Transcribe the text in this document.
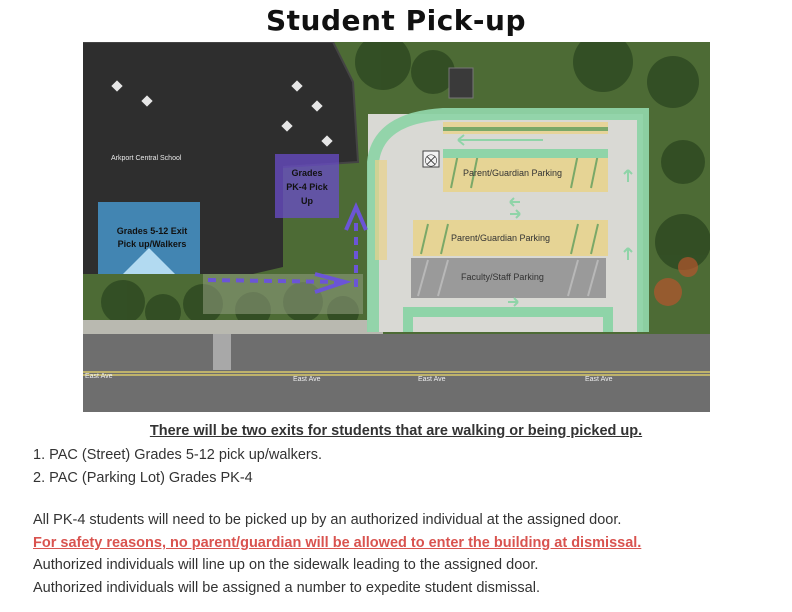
Student Pick-up
⛒
Arkport Central School
Grades 5-12 Exit
Pick up/Walkers
Grades
PK-4 Pick
Up
Parent/Guardian Parking
Parent/Guardian Parking
Faculty/Staff Parking
East Ave	East Ave	East Ave	East Ave
There will be two exits for students that are walking or being picked up.
1. PAC (Street) Grades 5-12 pick up/walkers.
2. PAC (Parking Lot) Grades PK-4
All PK-4 students will need to be picked up by an authorized individual at the assigned door.
For safety reasons, no parent/guardian will be allowed to enter the building at dismissal.
Authorized individuals will line up on the sidewalk leading to the assigned door.
Authorized individuals will be assigned a number to expedite student dismissal.
